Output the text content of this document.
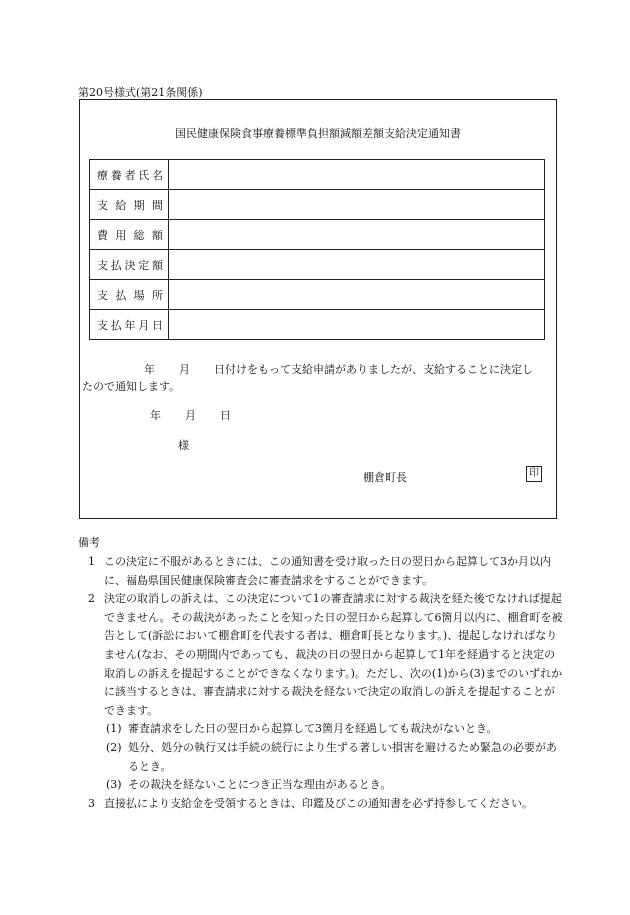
第20号様式(第21条関係)
国民健康保険食事療養標準負担額減額差額支給決定通知書
療養者氏名	
支給期間	
費用総額	
支払決定額	
支払場所	
支払年月日	
年 月 日付けをもって支給申請がありましたが、支給することに決定し
たので通知します。
年 月 日
様
棚倉町長	印
備考
1 この決定に不服があるときには、この通知書を受け取った日の翌日から起算して3か月以内に、福島県国民健康保険審査会に審査請求をすることができます。
2 決定の取消しの訴えは、この決定について1の審査請求に対する裁決を経た後でなければ提起できません。その裁決があったことを知った日の翌日から起算して6箇月以内に、棚倉町を被告として(訴訟において棚倉町を代表する者は、棚倉町長となります。)、提起しなければなりません(なお、その期間内であっても、裁決の日の翌日から起算して1年を経過すると決定の取消しの訴えを提起することができなくなります。)。ただし、次の(1)から(3)までのいずれかに該当するときは、審査請求に対する裁決を経ないで決定の取消しの訴えを提起することができます。
(1) 審査請求をした日の翌日から起算して3箇月を経過しても裁決がないとき。
(2) 処分、処分の執行又は手続の続行により生ずる著しい損害を避けるため緊急の必要があるとき。
(3) その裁決を経ないことにつき正当な理由があるとき。
3 直接払により支給金を受領するときは、印鑑及びこの通知書を必ず持参してください。
